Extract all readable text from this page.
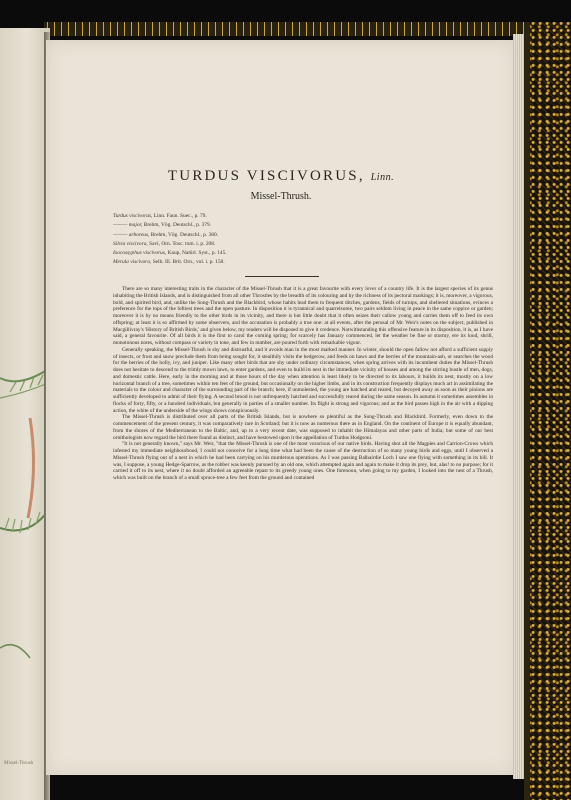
Missel-Thrush
TURDUS VISCIVORUS, Linn.
Missel-Thrush.
Turdus viscivorus, Linn. Faun. Suec., p. 79.
——— major, Brehm, Vög. Deutschl., p. 379.
——— arboreus, Brehm, Vög. Deutschl., p. 380.
Silvia viscivora, Savi, Orn. Tosc. tom. i. p. 208.
Ixocossyphus viscivorus, Kaup, Natürl. Syst., p. 145.
Merula viscivora, Selb. Ill. Brit. Orn., vol. i. p. 158.

There are so many interesting traits in the character of the Missel-Thrush that it is a great favourite with every lover of a country life. It is the largest species of its genus inhabiting the British Islands, and is distinguished from all other Throstles by the breadth of its colouring and by the richness of its pectoral markings; it is, moreover, a vigorous, bold, and spirited bird, and, unlike the Song-Thrush and the Blackbird, whose habits lead them to frequent ditches, gardens, fields of turnips, and sheltered situations, evinces a preference for the tops of the loftiest trees and the open pasture. In disposition it is tyrannical and quarrelsome, two pairs seldom living in peace in the same coppice or garden; moreover it is by no means friendly to the other birds in its vicinity, and there is but little doubt that it often seizes their callow young and carries them off to feed its own offspring; at least it is so affirmed by some observers, and the accusation is probably a true one: at all events, after the perusal of Mr. Weir's notes on the subject, published in Macgillivray's 'History of British Birds,' and given below, my readers will be disposed to give it credence. Notwithstanding this offensive feature in its disposition, it is, as I have said, a general favourite. Of all birds it is the first to carol the coming spring; for scarcely has January commenced, let the weather be fine or stormy, ere its loud, shrill, monotonous notes, without compass or variety in tone, and few in number, are poured forth with remarkable vigour.

Generally speaking, the Missel-Thrush is shy and distrustful, and it avoids man in the most marked manner. In winter, should the open fallow not afford a sufficient supply of insects, or frost and snow preclude them from being sought for, it stealthily visits the hedgerow, and feeds on haws and the berries of the mountain-ash, or searches the wood for the berries of the holly, ivy, and juniper. Like many other birds that are shy under ordinary circumstances, when spring arrives with its incumbent duties the Missel-Thrush does not hesitate to descend to the trimly mown lawn, to enter gardens, and even to build its nest in the immediate vicinity of houses and among the stirring bustle of men, dogs, and domestic cattle. Here, early in the morning and at those hours of the day when attention is least likely to be directed to its labours, it builds its nest, mostly on a low horizontal branch of a tree, sometimes within ten feet of the ground, but occasionally on the higher limbs, and in its construction frequently displays much art in assimilating the materials to the colour and character of the surrounding part of the branch; here, if unmolested, the young are hatched and reared, but decoyed away as soon as their pinions are sufficiently developed to admit of their flying. A second brood is not unfrequently hatched and successfully reared during the same season. In autumn it sometimes assembles in flocks of forty, fifty, or a hundred individuals, but generally in parties of a smaller number. Its flight is strong and vigorous; and as the bird passes high in the air with a dipping action, the white of the underside of the wings shows conspicuously.

The Missel-Thrush is distributed over all parts of the British Islands, but is nowhere so plentiful as the Song-Thrush and Blackbird. Formerly, even down to the commencement of the present century, it was comparatively rare in Scotland; but it is now as numerous there as in England. On the continent of Europe it is equally abundant, from the shores of the Mediterranean to the Baltic, and, up to a very recent date, was supposed to inhabit the Himalayas and other parts of India; but some of our best ornithologists now regard the bird there found as distinct, and have bestowed upon it the appellation of Turdus Hodgsoni.

"It is not generally known," says Mr. Weir, "that the Missel-Thrush is one of the most voracious of our native birds. Having shot all the Magpies and Carrion-Crows which infested my immediate neighbourhood, I could not conceive for a long time what had been the cause of the destruction of so many young birds and eggs, until I observed a Missel-Thrush flying out of a nest in which he had been carrying on his murderous operations. As I was passing Balbairdie Loch I saw one flying with something in its bill. It was, I suppose, a young Hedge-Sparrow, as the robber was keenly pursued by an old one, which attempted again and again to make it drop its prey, but, alas! to no purpose; for it carried it off to its nest, where it no doubt afforded an agreeable repast to its greedy young ones. One forenoon, when going to my garden, I looked into the nest of a Thrush, which was built on the branch of a small spruce-tree a few feet from the ground and contained
